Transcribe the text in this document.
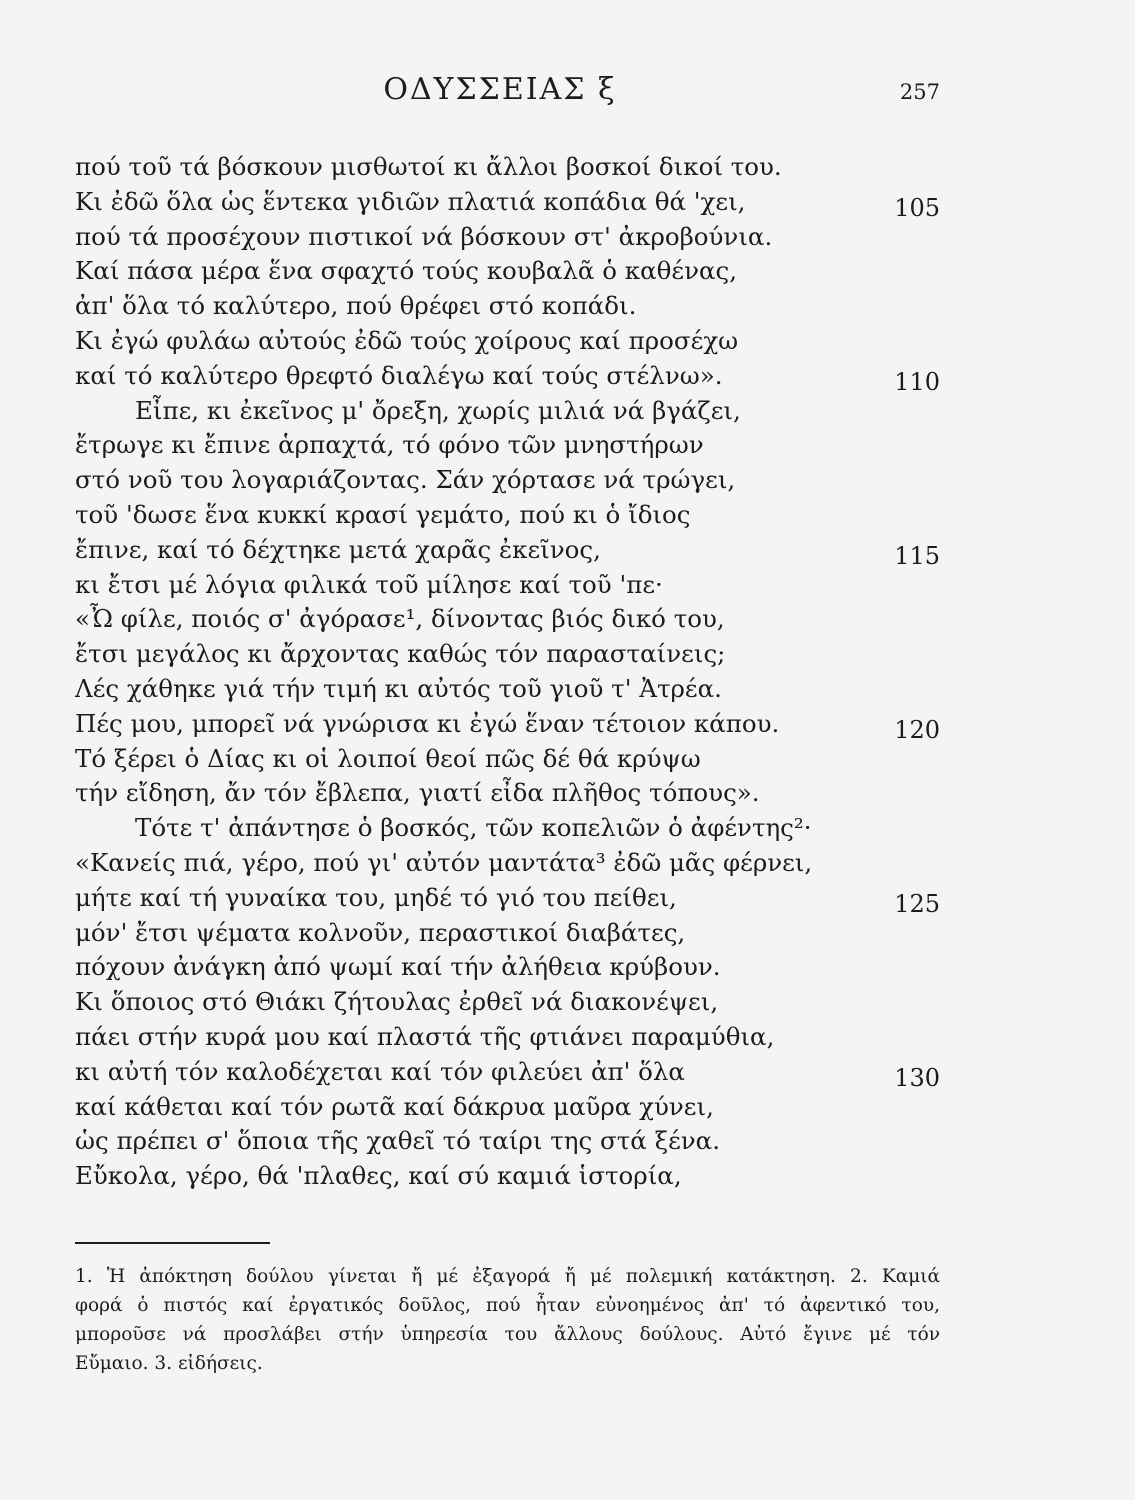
ΟΔΥΣΣΕΙΑΣ ξ	257
πού τοῦ τά βόσκουν μισθωτοί κι ἄλλοι βοσκοί δικοί του.
Κι ἐδῶ ὅλα ὡς ἕντεκα γιδιῶν πλατιά κοπάδια θά 'χει,	105
πού τά προσέχουν πιστικοί νά βόσκουν στ' ἀκροβούνια.
Καί πάσα μέρα ἕνα σφαχτό τούς κουβαλᾶ ὁ καθένας,
ἀπ' ὅλα τό καλύτερο, πού θρέφει στό κοπάδι.
Κι ἐγώ φυλάω αὐτούς ἐδῶ τούς χοίρους καί προσέχω
καί τό καλύτερο θρεφτό διαλέγω καί τούς στέλνω».	110
Εἶπε, κι ἐκεῖνος μ' ὄρεξη, χωρίς μιλιά νά βγάζει,
ἔτρωγε κι ἔπινε ἁρπαχτά, τό φόνο τῶν μνηστήρων
στό νοῦ του λογαριάζοντας. Σάν χόρτασε νά τρώγει,
τοῦ 'δωσε ἕνα κυκκί κρασί γεμάτο, πού κι ὁ ἴδιος
ἔπινε, καί τό δέχτηκε μετά χαρᾶς ἐκεῖνος,	115
κι ἔτσι μέ λόγια φιλικά τοῦ μίλησε καί τοῦ 'πε·
«Ὦ φίλε, ποιός σ' ἀγόρασε¹, δίνοντας βιός δικό του,
ἔτσι μεγάλος κι ἄρχοντας καθώς τόν παρασταίνεις;
Λές χάθηκε γιά τήν τιμή κι αὐτός τοῦ γιοῦ τ' Ἀτρέα.
Πές μου, μπορεῖ νά γνώρισα κι ἐγώ ἕναν τέτοιον κάπου.	120
Τό ξέρει ὁ Δίας κι οἱ λοιποί θεοί πῶς δέ θά κρύψω
τήν εἴδηση, ἄν τόν ἔβλεπα, γιατί εἶδα πλῆθος τόπους».
Τότε τ' ἀπάντησε ὁ βοσκός, τῶν κοπελιῶν ὁ ἀφέντης²·
«Κανείς πιά, γέρο, πού γι' αὐτόν μαντάτα³ ἐδῶ μᾶς φέρνει,
μήτε καί τή γυναίκα του, μηδέ τό γιό του πείθει,	125
μόν' ἔτσι ψέματα κολνοῦν, περαστικοί διαβάτες,
πόχουν ἀνάγκη ἀπό ψωμί καί τήν ἀλήθεια κρύβουν.
Κι ὅποιος στό Θιάκι ζήτουλας ἐρθεῖ νά διακονέψει,
πάει στήν κυρά μου καί πλαστά τῆς φτιάνει παραμύθια,
κι αὐτή τόν καλοδέχεται καί τόν φιλεύει ἀπ' ὅλα	130
καί κάθεται καί τόν ρωτᾶ καί δάκρυα μαῦρα χύνει,
ὡς πρέπει σ' ὅποια τῆς χαθεῖ τό ταίρι της στά ξένα.
Εὔκολα, γέρο, θά 'πλαθες, καί σύ καμιά ἱστορία,
1. Ἡ ἀπόκτηση δούλου γίνεται ἤ μέ ἐξαγορά ἤ μέ πολεμική κατάκτηση. 2. Καμιά
φορά ὁ πιστός καί ἐργατικός δοῦλος, πού ἦταν εὐνοημένος ἀπ' τό ἀφεντικό του,
μποροῦσε νά προσλάβει στήν ὑπηρεσία του ἄλλους δούλους. Αὐτό ἔγινε μέ τόν
Εὔμαιο. 3. εἰδήσεις.
